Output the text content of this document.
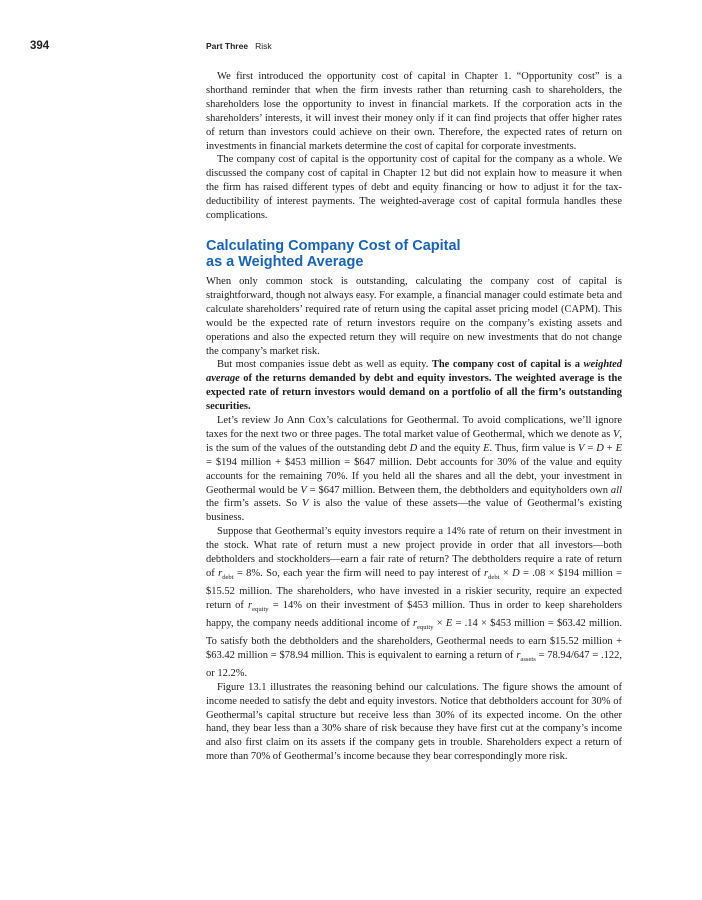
394	Part Three Risk

We first introduced the opportunity cost of capital in Chapter 1. “Opportunity cost” is a shorthand reminder that when the firm invests rather than returning cash to shareholders, the shareholders lose the opportunity to invest in financial markets. If the corporation acts in the shareholders’ interests, it will invest their money only if it can find projects that offer higher rates of return than investors could achieve on their own. Therefore, the expected rates of return on investments in financial markets determine the cost of capital for corporate investments.

The company cost of capital is the opportunity cost of capital for the company as a whole. We discussed the company cost of capital in Chapter 12 but did not explain how to measure it when the firm has raised different types of debt and equity financing or how to adjust it for the tax-deductibility of interest payments. The weighted-average cost of capital formula handles these complications.

Calculating Company Cost of Capital
as a Weighted Average

When only common stock is outstanding, calculating the company cost of capital is straightforward, though not always easy. For example, a financial manager could estimate beta and calculate shareholders’ required rate of return using the capital asset pricing model (CAPM). This would be the expected rate of return investors require on the company’s existing assets and operations and also the expected return they will require on new investments that do not change the company’s market risk.

But most companies issue debt as well as equity. The company cost of capital is a weighted average of the returns demanded by debt and equity investors. The weighted average is the expected rate of return investors would demand on a portfolio of all the firm’s outstanding securities.

Let’s review Jo Ann Cox’s calculations for Geothermal. To avoid complications, we’ll ignore taxes for the next two or three pages. The total market value of Geothermal, which we denote as V, is the sum of the values of the outstanding debt D and the equity E. Thus, firm value is V = D + E = $194 million + $453 million = $647 million. Debt accounts for 30% of the value and equity accounts for the remaining 70%. If you held all the shares and all the debt, your investment in Geothermal would be V = $647 million. Between them, the debtholders and equityholders own all the firm’s assets. So V is also the value of these assets—the value of Geothermal’s existing business.

Suppose that Geothermal’s equity investors require a 14% rate of return on their investment in the stock. What rate of return must a new project provide in order that all investors—both debtholders and stockholders—earn a fair rate of return? The debtholders require a rate of return of $r_{debt} = 8\%$. So, each year the firm will need to pay interest of $r_{debt} \times D = .08$ × $194 million = $15.52 million. The shareholders, who have invested in a riskier security, require an expected return of $r_{equity} = 14\%$ on their investment of $453 million. Thus in order to keep shareholders happy, the company needs additional income of $r_{equity} \times E = .14$ × $453 million = $63.42 million. To satisfy both the debtholders and the shareholders, Geothermal needs to earn $15.52 million + $63.42 million = $78.94 million. This is equivalent to earning a return of $r_{assets} = 78.94/647 = .122$, or 12.2%.

Figure 13.1 illustrates the reasoning behind our calculations. The figure shows the amount of income needed to satisfy the debt and equity investors. Notice that debtholders account for 30% of Geothermal’s capital structure but receive less than 30% of its expected income. On the other hand, they bear less than a 30% share of risk because they have first cut at the company’s income and also first claim on its assets if the company gets in trouble. Shareholders expect a return of more than 70% of Geothermal’s income because they bear correspondingly more risk.
